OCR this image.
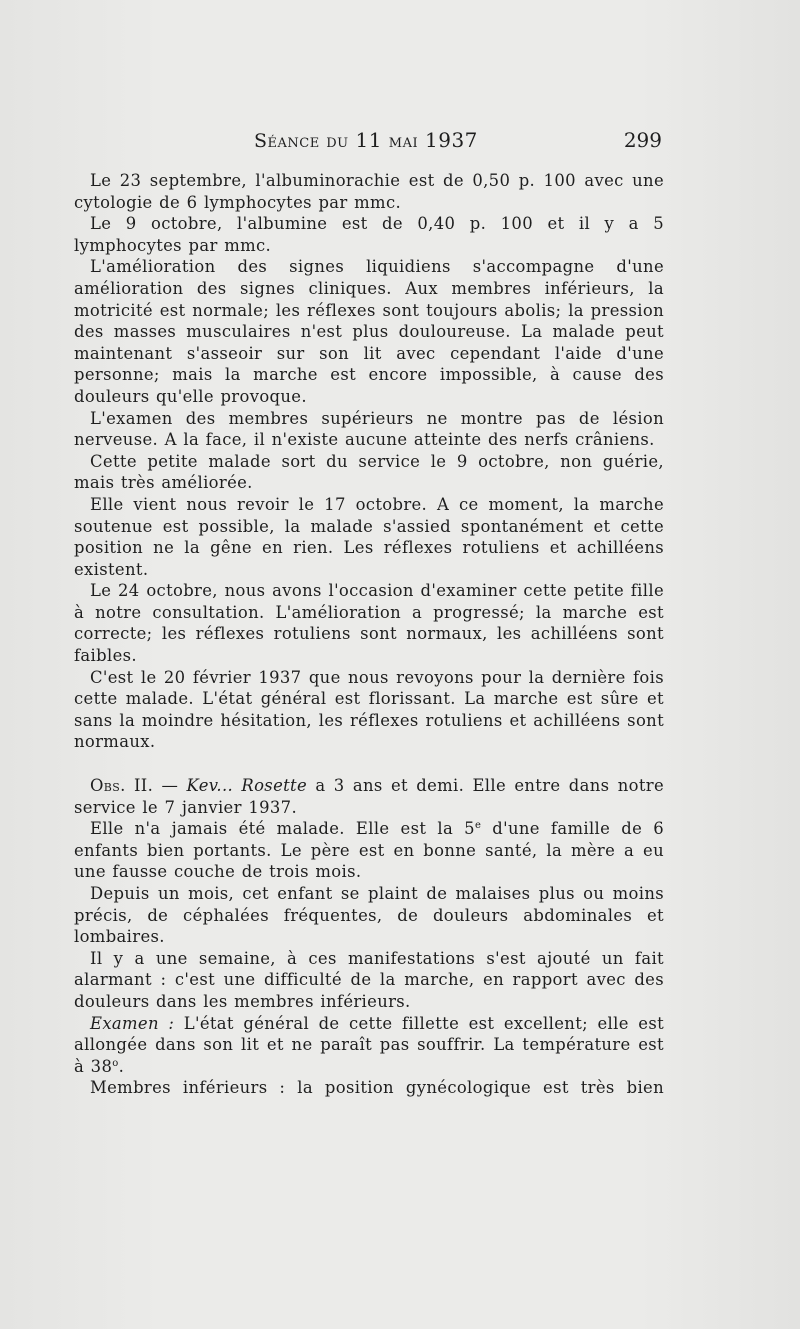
Séance du 11 mai 1937	299

Le 23 septembre, l'albuminorachie est de 0,50 p. 100 avec une cytologie de 6 lymphocytes par mmc.

Le 9 octobre, l'albumine est de 0,40 p. 100 et il y a 5 lymphocytes par mmc.

L'amélioration des signes liquidiens s'accompagne d'une amélioration des signes cliniques. Aux membres inférieurs, la motricité est normale; les réflexes sont toujours abolis; la pression des masses musculaires n'est plus douloureuse. La malade peut maintenant s'asseoir sur son lit avec cependant l'aide d'une personne; mais la marche est encore impossible, à cause des douleurs qu'elle provoque.

L'examen des membres supérieurs ne montre pas de lésion nerveuse. A la face, il n'existe aucune atteinte des nerfs crâniens.

Cette petite malade sort du service le 9 octobre, non guérie, mais très améliorée.

Elle vient nous revoir le 17 octobre. A ce moment, la marche soutenue est possible, la malade s'assied spontanément et cette position ne la gêne en rien. Les réflexes rotuliens et achilléens existent.

Le 24 octobre, nous avons l'occasion d'examiner cette petite fille à notre consultation. L'amélioration a progressé; la marche est correcte; les réflexes rotuliens sont normaux, les achilléens sont faibles.

C'est le 20 février 1937 que nous revoyons pour la dernière fois cette malade. L'état général est florissant. La marche est sûre et sans la moindre hésitation, les réflexes rotuliens et achilléens sont normaux.

Obs. II. — Kev... Rosette a 3 ans et demi. Elle entre dans notre service le 7 janvier 1937.

Elle n'a jamais été malade. Elle est la 5e d'une famille de 6 enfants bien portants. Le père est en bonne santé, la mère a eu une fausse couche de trois mois.

Depuis un mois, cet enfant se plaint de malaises plus ou moins précis, de céphalées fréquentes, de douleurs abdominales et lombaires.

Il y a une semaine, à ces manifestations s'est ajouté un fait alarmant : c'est une difficulté de la marche, en rapport avec des douleurs dans les membres inférieurs.

Examen : L'état général de cette fillette est excellent; elle est allongée dans son lit et ne paraît pas souffrir. La température est à 38$^o$.

Membres inférieurs : la position gynécologique est très bien
